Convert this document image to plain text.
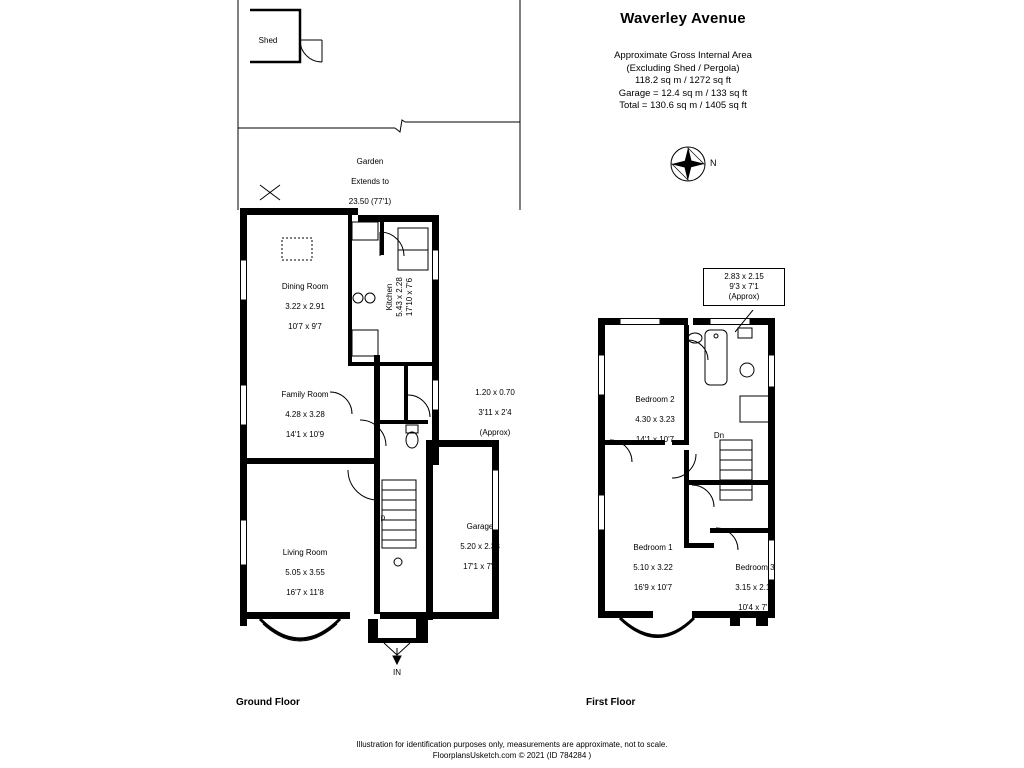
Waverley Avenue
Approximate Gross Internal Area
(Excluding Shed / Pergola)
118.2 sq m / 1272 sq ft
Garage = 12.4 sq m / 133 sq ft
Total = 130.6 sq m / 1405 sq ft
N
Shed

Garden

Extends to

23.50 (77'1)

Dining Room

3.22 x 2.91

10'7 x 9'7

Kitchen 5.43 x 2.28 17'10 x 7'6

Family Room

4.28 x 3.28

14'1 x 10'9

1.20 x 0.70

3'11 x 2'4

(Approx)

Living Room

5.05 x 3.55

16'7 x 11'8

Garage

5.20 x 2.33

17'1 x 7'8

Up
IN
Ground Floor
2.83 x 2.15
9'3 x 7'1
(Approx)

Bedroom 2

4.30 x 3.23

14'1 x 10'7

Bedroom 1

5.10 x 3.22

16'9 x 10'7

Bedroom 3

3.15 x 2.16

10'4 x 7'1

Dn
First Floor
Illustration for identification purposes only, measurements are approximate, not to scale.
FloorplansUsketch.com © 2021 (ID 784284 )
